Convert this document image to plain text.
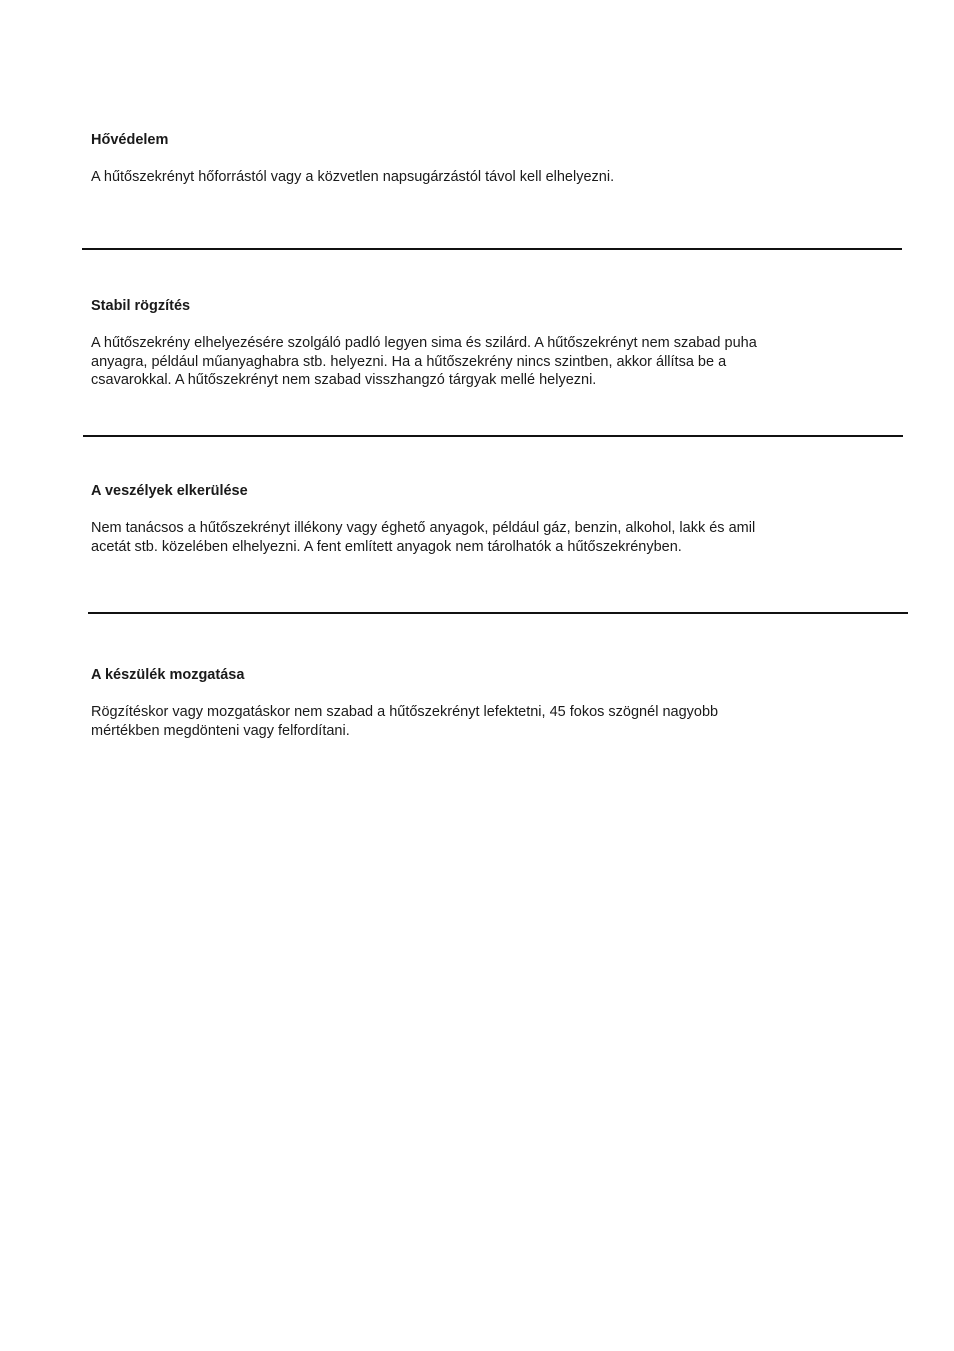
Hővédelem

A hűtőszekrényt hőforrástól vagy a közvetlen napsugárzástól távol kell elhelyezni.

Stabil rögzítés

A hűtőszekrény elhelyezésére szolgáló padló legyen sima és szilárd. A hűtőszekrényt nem szabad puha
anyagra, például műanyaghabra stb. helyezni. Ha a hűtőszekrény nincs szintben, akkor állítsa be a
csavarokkal. A hűtőszekrényt nem szabad visszhangzó tárgyak mellé helyezni.

A veszélyek elkerülése

Nem tanácsos a hűtőszekrényt illékony vagy éghető anyagok, például gáz, benzin, alkohol, lakk és amil
acetát stb. közelében elhelyezni. A fent említett anyagok nem tárolhatók a hűtőszekrényben.

A készülék mozgatása

Rögzítéskor vagy mozgatáskor nem szabad a hűtőszekrényt lefektetni, 45 fokos szögnél nagyobb
mértékben megdönteni vagy felfordítani.
